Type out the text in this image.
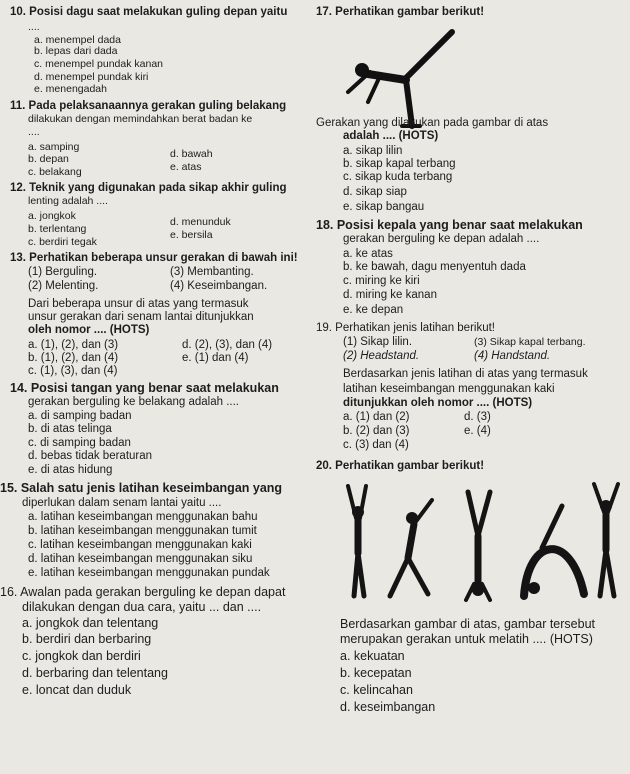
10. Posisi dagu saat melakukan guling depan yaitu
....
a. menempel dada
b. lepas dari dada
c. menempel pundak kanan
d. menempel pundak kiri
e. menengadah
11. Pada pelaksanaannya gerakan guling belakang
dilakukan dengan memindahkan berat badan ke
....
a. samping
b. depan
c. belakang
d. bawah
e. atas
12. Teknik yang digunakan pada sikap akhir guling
lenting adalah ....
a. jongkok
b. terlentang
c. berdiri tegak
d. menunduk
e. bersila
13. Perhatikan beberapa unsur gerakan di bawah ini!
(1) Berguling.
(2) Melenting.
(3) Membanting.
(4) Keseimbangan.
Dari beberapa unsur di atas yang termasuk
unsur gerakan dari senam lantai ditunjukkan
oleh nomor .... (HOTS)
a. (1), (2), dan (3)
b. (1), (2), dan (4)
c. (1), (3), dan (4)
d. (2), (3), dan (4)
e. (1) dan (4)
14. Posisi tangan yang benar saat melakukan
gerakan berguling ke belakang adalah ....
a. di samping badan
b. di atas telinga
c. di samping badan
d. bebas tidak beraturan
e. di atas hidung
15. Salah satu jenis latihan keseimbangan yang
diperlukan dalam senam lantai yaitu ....
a. latihan keseimbangan menggunakan bahu
b. latihan keseimbangan menggunakan tumit
c. latihan keseimbangan menggunakan kaki
d. latihan keseimbangan menggunakan siku
e. latihan keseimbangan menggunakan pundak
16. Awalan pada gerakan berguling ke depan dapat
dilakukan dengan dua cara, yaitu ... dan ....
a. jongkok dan telentang
b. berdiri dan berbaring
c. jongkok dan berdiri
d. berbaring dan telentang
e. loncat dan duduk
17. Perhatikan gambar berikut!
Gerakan yang dilakukan pada gambar di atas
adalah .... (HOTS)
a. sikap lilin
b. sikap kapal terbang
c. sikap kuda terbang
d. sikap siap
e. sikap bangau
18. Posisi kepala yang benar saat melakukan
gerakan berguling ke depan adalah ....
a. ke atas
b. ke bawah, dagu menyentuh dada
c. miring ke kiri
d. miring ke kanan
e. ke depan
19. Perhatikan jenis latihan berikut!
(1) Sikap lilin.
(2) Headstand.
(3) Sikap kapal terbang.
(4) Handstand.
Berdasarkan jenis latihan di atas yang termasuk
latihan keseimbangan menggunakan kaki
ditunjukkan oleh nomor .... (HOTS)
a. (1) dan (2)
b. (2) dan (3)
c. (3) dan (4)
d. (3)
e. (4)
20. Perhatikan gambar berikut!
Berdasarkan gambar di atas, gambar tersebut
merupakan gerakan untuk melatih .... (HOTS)
a. kekuatan
b. kecepatan
c. kelincahan
d. keseimbangan
